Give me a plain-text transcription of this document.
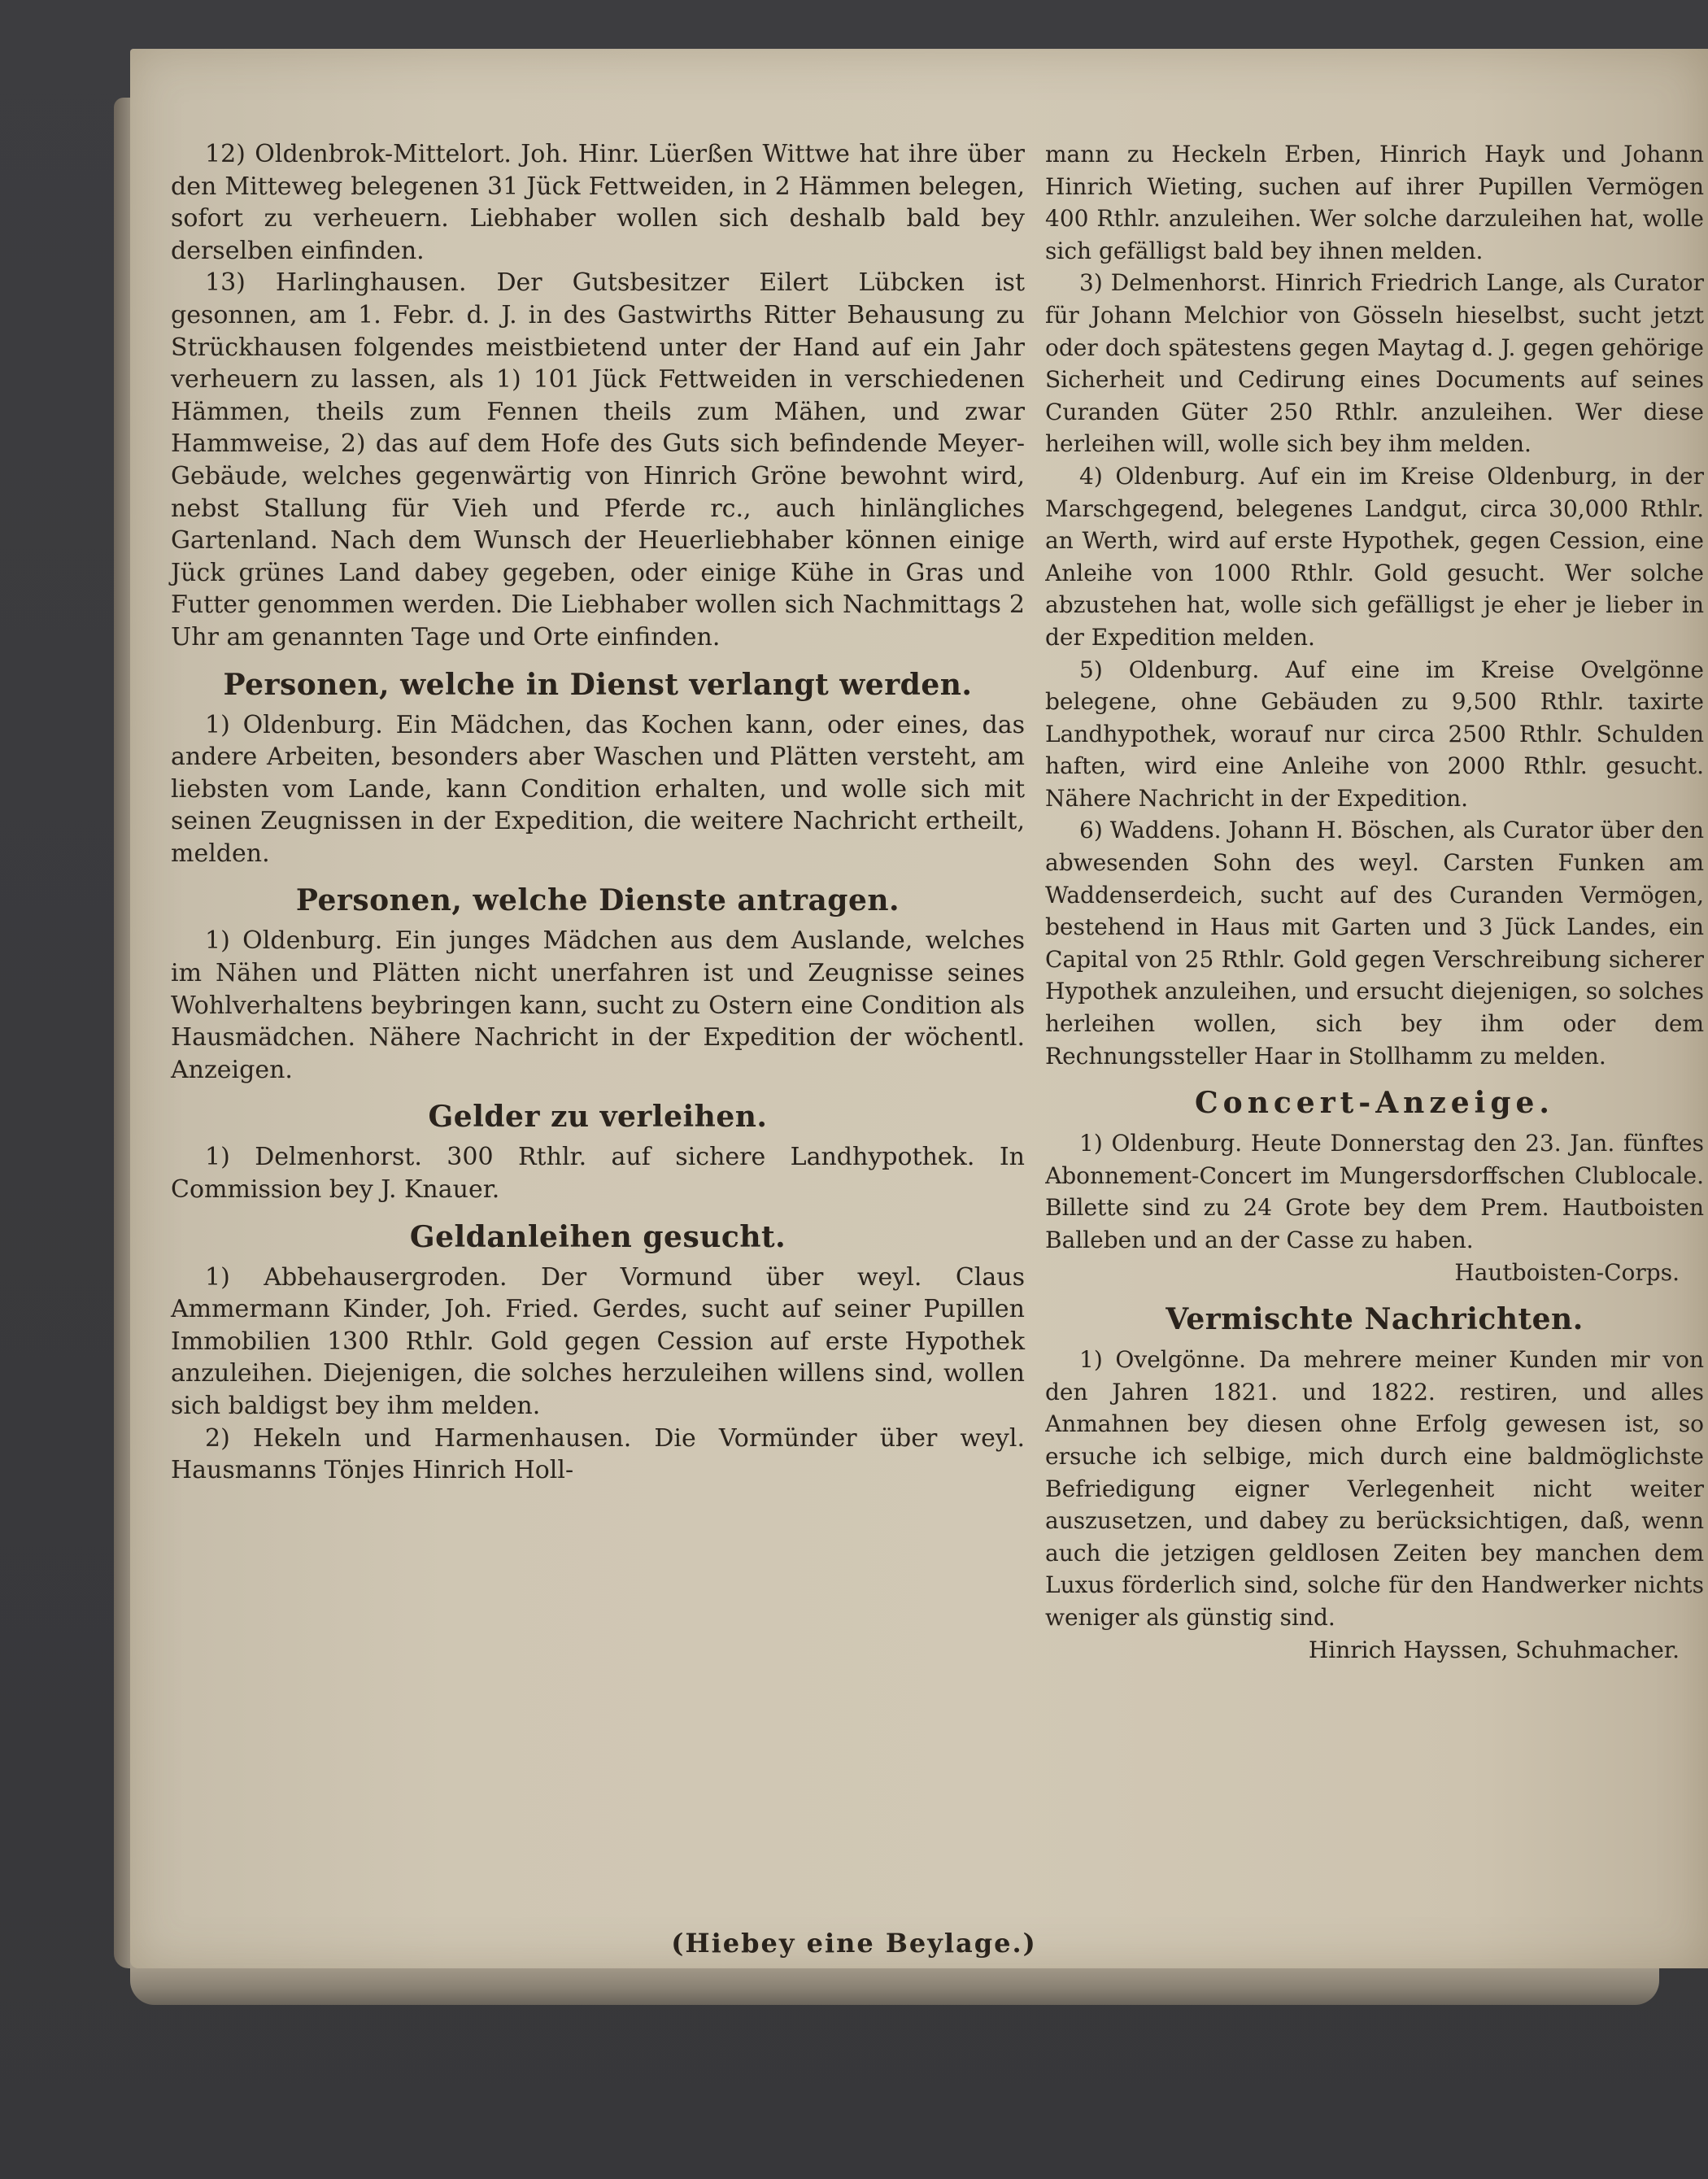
12) Oldenbrok-Mittelort. Joh. Hinr. Lüerßen Wittwe hat ihre über den Mitteweg belegenen 31 Jück Fettweiden, in 2 Hämmen belegen, sofort zu verheuern. Liebhaber wollen sich deshalb bald bey derselben einfinden.

13) Harlinghausen. Der Gutsbesitzer Eilert Lübcken ist gesonnen, am 1. Febr. d. J. in des Gastwirths Ritter Behausung zu Strückhausen folgendes meistbietend unter der Hand auf ein Jahr verheuern zu lassen, als 1) 101 Jück Fettweiden in verschiedenen Hämmen, theils zum Fennen theils zum Mähen, und zwar Hammweise, 2) das auf dem Hofe des Guts sich befindende Meyer-Gebäude, welches gegenwärtig von Hinrich Gröne bewohnt wird, nebst Stallung für Vieh und Pferde rc., auch hinlängliches Gartenland. Nach dem Wunsch der Heuerliebhaber können einige Jück grünes Land dabey gegeben, oder einige Kühe in Gras und Futter genommen werden. Die Liebhaber wollen sich Nachmittags 2 Uhr am genannten Tage und Orte einfinden.

Personen, welche in Dienst verlangt werden.

1) Oldenburg. Ein Mädchen, das Kochen kann, oder eines, das andere Arbeiten, besonders aber Waschen und Plätten versteht, am liebsten vom Lande, kann Condition erhalten, und wolle sich mit seinen Zeugnissen in der Expedition, die weitere Nachricht ertheilt, melden.

Personen, welche Dienste antragen.

1) Oldenburg. Ein junges Mädchen aus dem Auslande, welches im Nähen und Plätten nicht unerfahren ist und Zeugnisse seines Wohlverhaltens beybringen kann, sucht zu Ostern eine Condition als Hausmädchen. Nähere Nachricht in der Expedition der wöchentl. Anzeigen.

Gelder zu verleihen.

1) Delmenhorst. 300 Rthlr. auf sichere Landhypothek. In Commission bey J. Knauer.

Geldanleihen gesucht.

1) Abbehausergroden. Der Vormund über weyl. Claus Ammermann Kinder, Joh. Fried. Gerdes, sucht auf seiner Pupillen Immobilien 1300 Rthlr. Gold gegen Cession auf erste Hypothek anzuleihen. Diejenigen, die solches herzuleihen willens sind, wollen sich baldigst bey ihm melden.

2) Hekeln und Harmenhausen. Die Vormünder über weyl. Hausmanns Tönjes Hinrich Holl-

mann zu Heckeln Erben, Hinrich Hayk und Johann Hinrich Wieting, suchen auf ihrer Pupillen Vermögen 400 Rthlr. anzuleihen. Wer solche darzuleihen hat, wolle sich gefälligst bald bey ihnen melden.

3) Delmenhorst. Hinrich Friedrich Lange, als Curator für Johann Melchior von Gösseln hieselbst, sucht jetzt oder doch spätestens gegen Maytag d. J. gegen gehörige Sicherheit und Cedirung eines Documents auf seines Curanden Güter 250 Rthlr. anzuleihen. Wer diese herleihen will, wolle sich bey ihm melden.

4) Oldenburg. Auf ein im Kreise Oldenburg, in der Marschgegend, belegenes Landgut, circa 30,000 Rthlr. an Werth, wird auf erste Hypothek, gegen Cession, eine Anleihe von 1000 Rthlr. Gold gesucht. Wer solche abzustehen hat, wolle sich gefälligst je eher je lieber in der Expedition melden.

5) Oldenburg. Auf eine im Kreise Ovelgönne belegene, ohne Gebäuden zu 9,500 Rthlr. taxirte Landhypothek, worauf nur circa 2500 Rthlr. Schulden haften, wird eine Anleihe von 2000 Rthlr. gesucht. Nähere Nachricht in der Expedition.

6) Waddens. Johann H. Böschen, als Curator über den abwesenden Sohn des weyl. Carsten Funken am Waddenserdeich, sucht auf des Curanden Vermögen, bestehend in Haus mit Garten und 3 Jück Landes, ein Capital von 25 Rthlr. Gold gegen Verschreibung sicherer Hypothek anzuleihen, und ersucht diejenigen, so solches herleihen wollen, sich bey ihm oder dem Rechnungssteller Haar in Stollhamm zu melden.

Concert-Anzeige.

1) Oldenburg. Heute Donnerstag den 23. Jan. fünftes Abonnement-Concert im Mungersdorffschen Clublocale. Billette sind zu 24 Grote bey dem Prem. Hautboisten Balleben und an der Casse zu haben.

Hautboisten-Corps.

Vermischte Nachrichten.

1) Ovelgönne. Da mehrere meiner Kunden mir von den Jahren 1821. und 1822. restiren, und alles Anmahnen bey diesen ohne Erfolg gewesen ist, so ersuche ich selbige, mich durch eine baldmöglichste Befriedigung eigner Verlegenheit nicht weiter auszusetzen, und dabey zu berücksichtigen, daß, wenn auch die jetzigen geldlosen Zeiten bey manchen dem Luxus förderlich sind, solche für den Handwerker nichts weniger als günstig sind.

Hinrich Hayssen, Schuhmacher.

(Hiebey eine Beylage.)
